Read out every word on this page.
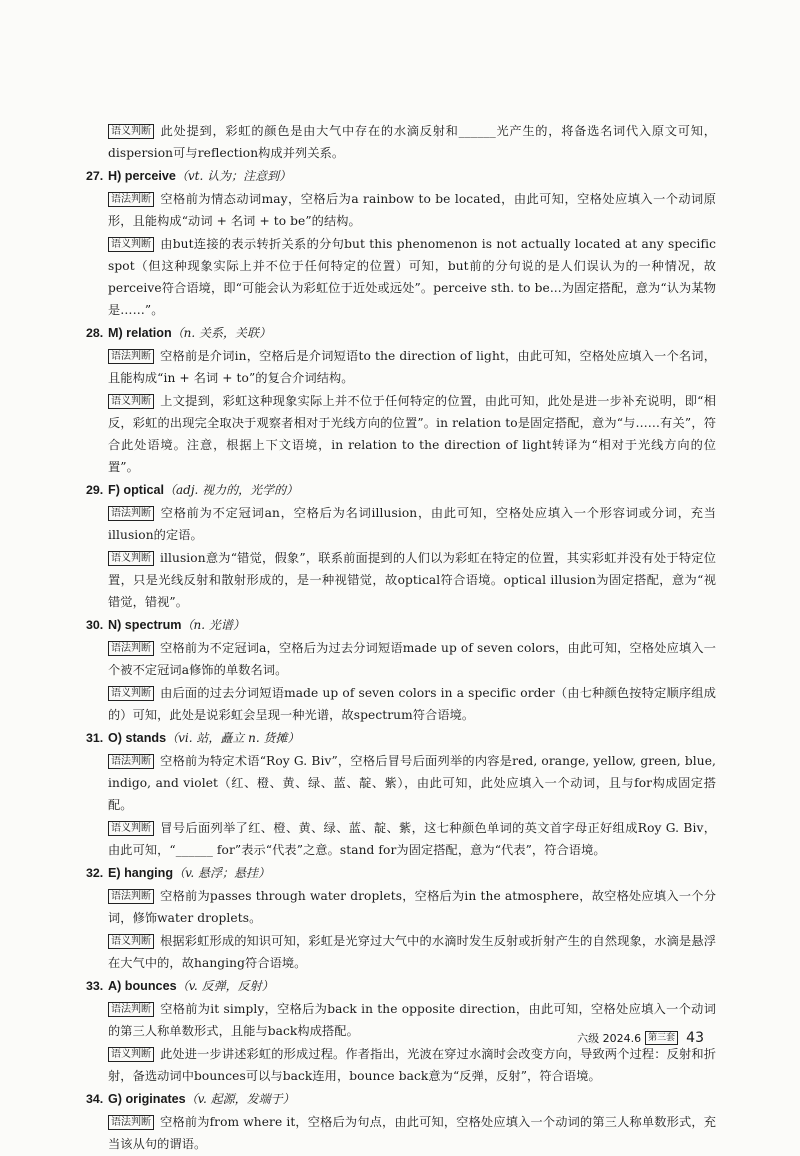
语义判断 此处提到，彩虹的颜色是由大气中存在的水滴反射和______光产生的，将备选名词代入原文可知，dispersion可与reflection构成并列关系。

27. H) perceive（vt. 认为；注意到）

语法判断 空格前为情态动词may，空格后为a rainbow to be located，由此可知，空格处应填入一个动词原形，且能构成“动词 + 名词 + to be”的结构。

语义判断 由but连接的表示转折关系的分句but this phenomenon is not actually located at any specific spot（但这种现象实际上并不位于任何特定的位置）可知，but前的分句说的是人们误认为的一种情况，故perceive符合语境，即“可能会认为彩虹位于近处或远处”。perceive sth. to be...为固定搭配，意为“认为某物是……”。

28. M) relation（n. 关系，关联）

语法判断 空格前是介词in，空格后是介词短语to the direction of light，由此可知，空格处应填入一个名词，且能构成“in + 名词 + to”的复合介词结构。

语义判断 上文提到，彩虹这种现象实际上并不位于任何特定的位置，由此可知，此处是进一步补充说明，即“相反，彩虹的出现完全取决于观察者相对于光线方向的位置”。in relation to是固定搭配，意为“与……有关”，符合此处语境。注意，根据上下文语境，in relation to the direction of light转译为“相对于光线方向的位置”。

29. F) optical（adj. 视力的，光学的）

语法判断 空格前为不定冠词an，空格后为名词illusion，由此可知，空格处应填入一个形容词或分词，充当illusion的定语。

语义判断 illusion意为“错觉，假象”，联系前面提到的人们以为彩虹在特定的位置，其实彩虹并没有处于特定位置，只是光线反射和散射形成的，是一种视错觉，故optical符合语境。optical illusion为固定搭配，意为“视错觉，错视”。

30. N) spectrum（n. 光谱）

语法判断 空格前为不定冠词a，空格后为过去分词短语made up of seven colors，由此可知，空格处应填入一个被不定冠词a修饰的单数名词。

语义判断 由后面的过去分词短语made up of seven colors in a specific order（由七种颜色按特定顺序组成的）可知，此处是说彩虹会呈现一种光谱，故spectrum符合语境。

31. O) stands（vi. 站，矗立 n. 货摊）

语法判断 空格前为特定术语“Roy G. Biv”，空格后冒号后面列举的内容是red, orange, yellow, green, blue, indigo, and violet（红、橙、黄、绿、蓝、靛、紫），由此可知，此处应填入一个动词，且与for构成固定搭配。

语义判断 冒号后面列举了红、橙、黄、绿、蓝、靛、紫，这七种颜色单词的英文首字母正好组成Roy G. Biv，由此可知，“______ for”表示“代表”之意。stand for为固定搭配，意为“代表”，符合语境。

32. E) hanging（v. 悬浮；悬挂）

语法判断 空格前为passes through water droplets，空格后为in the atmosphere，故空格处应填入一个分词，修饰water droplets。

语义判断 根据彩虹形成的知识可知，彩虹是光穿过大气中的水滴时发生反射或折射产生的自然现象，水滴是悬浮在大气中的，故hanging符合语境。

33. A) bounces（v. 反弹，反射）

语法判断 空格前为it simply，空格后为back in the opposite direction，由此可知，空格处应填入一个动词的第三人称单数形式，且能与back构成搭配。

语义判断 此处进一步讲述彩虹的形成过程。作者指出，光波在穿过水滴时会改变方向，导致两个过程：反射和折射，备选动词中bounces可以与back连用，bounce back意为“反弹，反射”，符合语境。

34. G) originates（v. 起源，发端于）

语法判断 空格前为from where it，空格后为句点，由此可知，空格处应填入一个动词的第三人称单数形式，充当该从句的谓语。

六级 2024.6 第三套 43
